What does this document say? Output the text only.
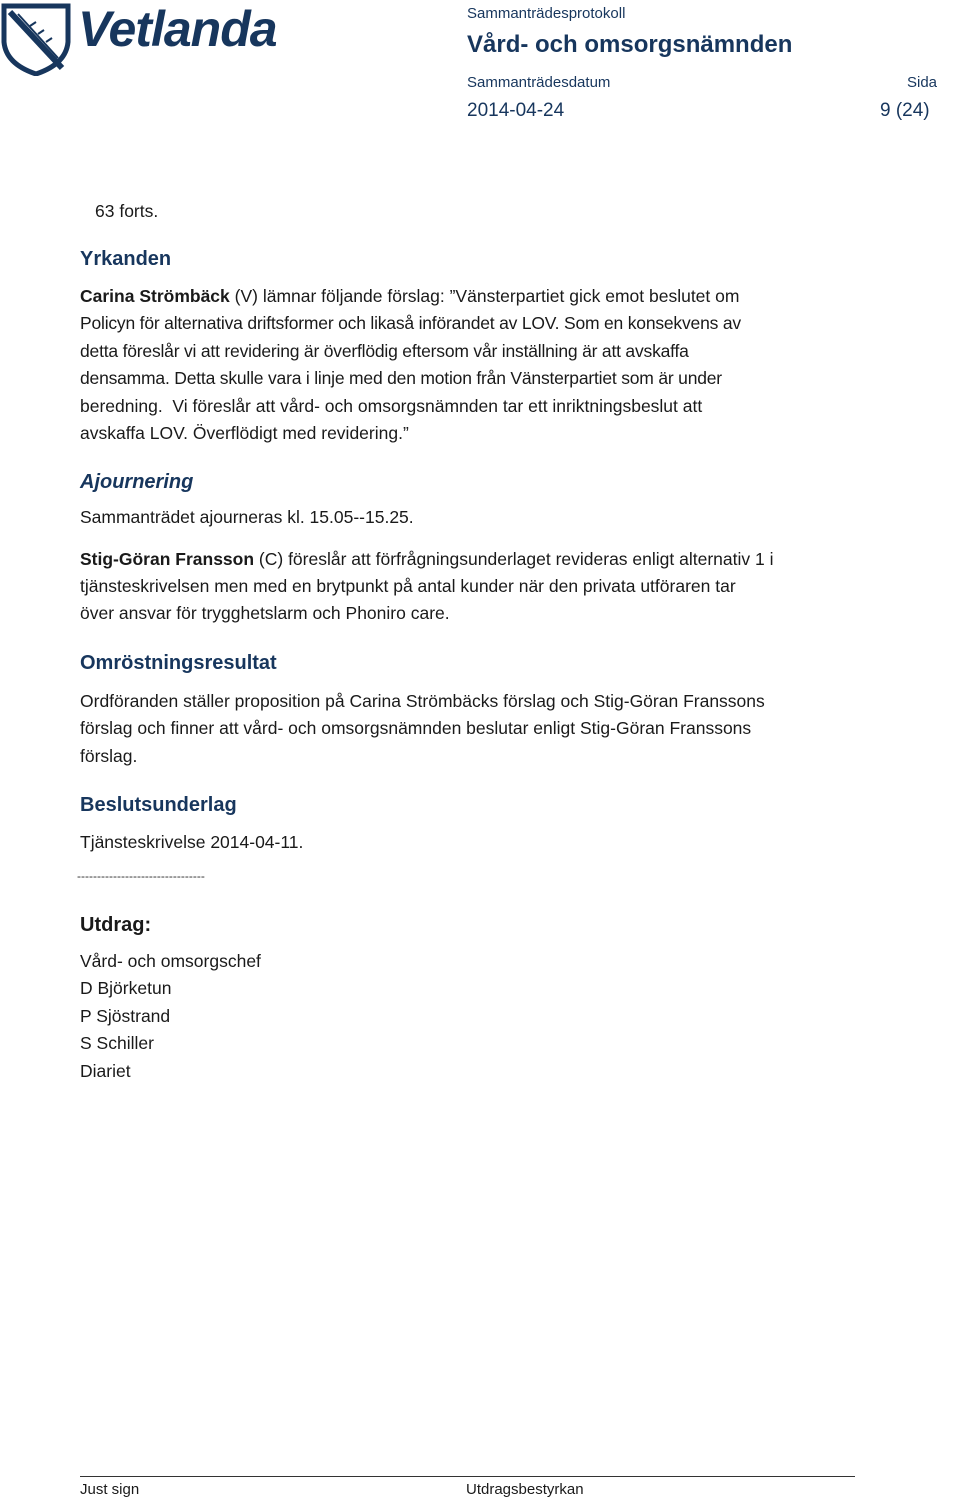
Vetlanda	Sammanträdesprotokoll
Vård- och omsorgsnämnden
Sammanträdesdatum	Sida
2014-04-24	9 (24)
63 forts.
Yrkanden
Carina Strömbäck (V) lämnar följande förslag: ”Vänsterpartiet gick emot beslutet om
Policyn för alternativa driftsformer och likaså införandet av LOV. Som en konsekvens av
detta föreslår vi att revidering är överflödig eftersom vår inställning är att avskaffa
densamma. Detta skulle vara i linje med den motion från Vänsterpartiet som är under
beredning.  Vi föreslår att vård- och omsorgsnämnden tar ett inriktningsbeslut att
avskaffa LOV. Överflödigt med revidering.”
Ajournering
Sammanträdet ajourneras kl. 15.05--15.25.
Stig-Göran Fransson (C) föreslår att förfrågningsunderlaget revideras enligt alternativ 1 i
tjänsteskrivelsen men med en brytpunkt på antal kunder när den privata utföraren tar
över ansvar för trygghetslarm och Phoniro care.
Omröstningsresultat
Ordföranden ställer proposition på Carina Strömbäcks förslag och Stig-Göran Franssons
förslag och finner att vård- och omsorgsnämnden beslutar enligt Stig-Göran Franssons
förslag.
Beslutsunderlag
Tjänsteskrivelse 2014-04-11.
--------------------------------
Utdrag:
Vård- och omsorgschef
D Björketun
P Sjöstrand
S Schiller
Diariet
Just sign	Utdragsbestyrkan
